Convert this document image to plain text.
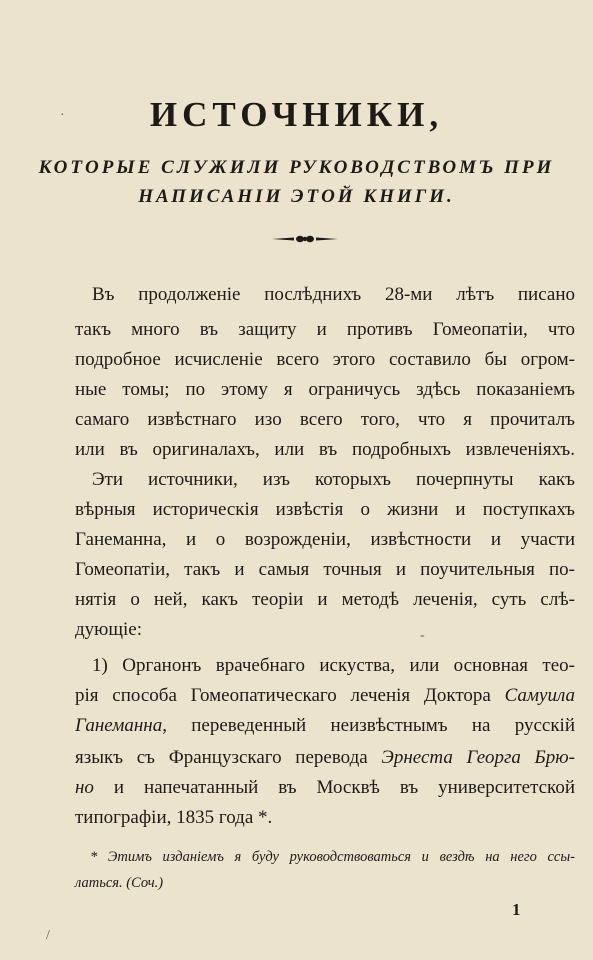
ИСТОЧНИКИ,
КОТОРЫЕ СЛУЖИЛИ РУКОВОДСТВОМЪ ПРИ
НАПИСАНІИ ЭТОЙ КНИГИ.
Въ продолженіе послѣднихъ 28-ми лѣтъ писано
такъ много въ защиту и противъ Гомеопатіи, что
подробное исчисленіе всего этого составило бы огром-
ные томы; по этому я ограничусь здѣсь показаніемъ
самаго извѣстнаго изо всего того, что я прочиталъ
или въ оригиналахъ, или въ подробныхъ извлеченіяхъ.
Эти источники, изъ которыхъ почерпнуты какъ
вѣрныя историческія извѣстія о жизни и поступкахъ
Ганеманна, и о возрожденіи, извѣстности и участи
Гомеопатіи, такъ и самыя точныя и поучительныя по-
нятія о ней, какъ теоріи и методѣ леченія, суть слѣ-
дующіе:
1) Органонъ врачебнаго искуства, или основная тео-
рія способа Гомеопатическаго леченія Доктора Самуила
Ганеманна, переведенный неизвѣстнымъ на русскій
языкъ съ Французскаго перевода Эрнеста Георга Брю-
но и напечатанный въ Москвѣ въ университетской
типографіи, 1835 года *.
* Этимъ изданіемъ я буду руководствоваться и вездѣ на него ссы-
латься. (Соч.)
1
·
-
/
